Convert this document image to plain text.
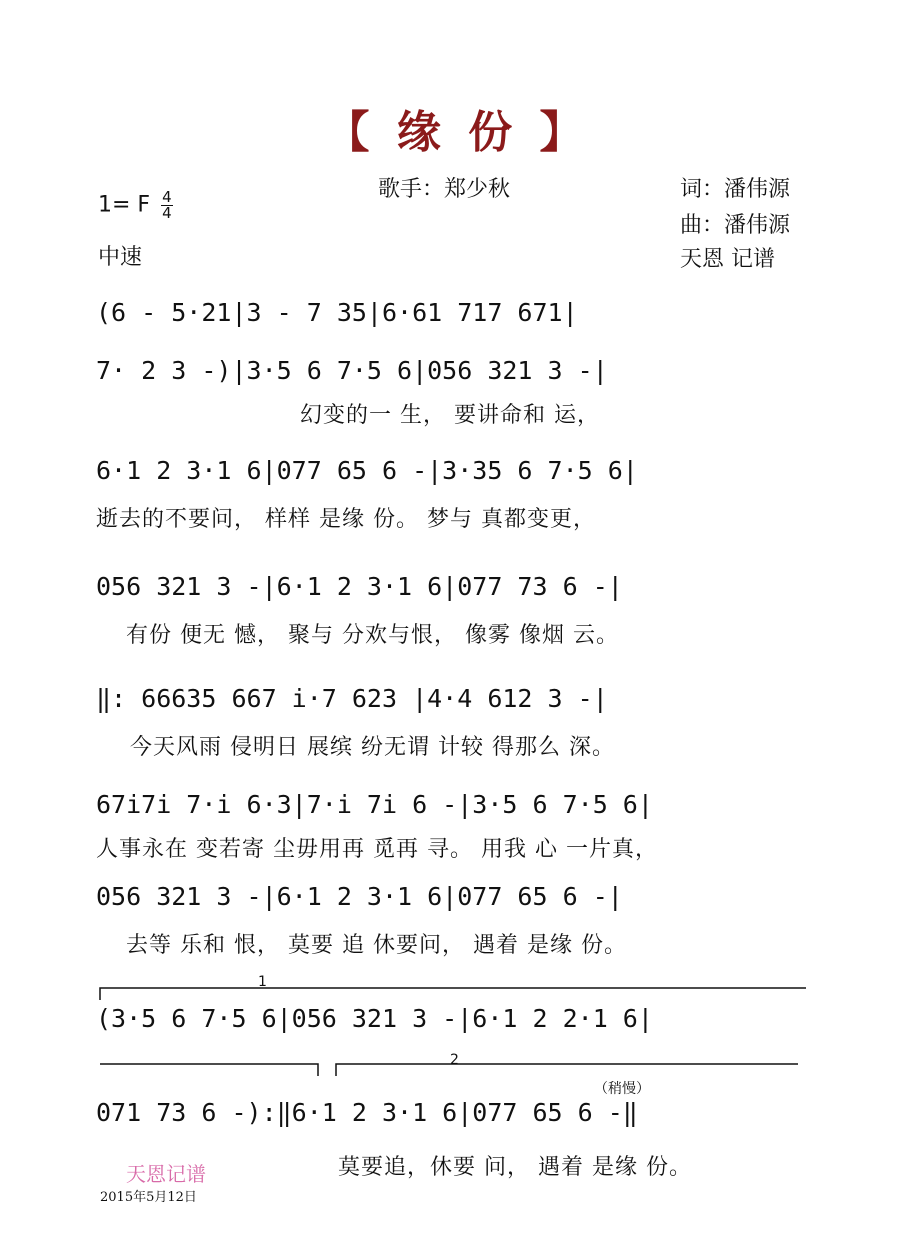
【 缘 份 】
歌手：郑少秋	词：潘伟源
曲：潘伟源
天恩 记谱
1= F $\frac{4}{4}$
中速
(6 - 5·21|3 - 7 35|6·61 717 671|
7· 2 3 -)|3·5 6 7·5 6|056 321 3 -|
幻变的一 生， 要讲命和 运，
6·1 2 3·1 6|077 65 6 -|3·35 6 7·5 6|
逝去的不要问， 样样 是缘 份。 梦与 真都变更，
056 321 3 -|6·1 2 3·1 6|077 73 6 -|
有份 便无 憾， 聚与 分欢与恨， 像雾 像烟 云。
‖: 66635 667 i·7 623 |4·4 612 3 -|
今天风雨 侵明日 展缤 纷无谓 计较 得那么 深。
67i7i 7·i 6·3|7·i 7i 6 -|3·5 6 7·5 6|
人事永在 变若寄 尘毋用再 觅再 寻。 用我 心 一片真，
056 321 3 -|6·1 2 3·1 6|077 65 6 -|
去等 乐和 恨， 莫要 追 休要问， 遇着 是缘 份。
(3·5 6 7·5 6|056 321 3 -|6·1 2 2·1 6|
（稍慢）
071 73 6 -):‖6·1 2 3·1 6|077 65 6 -‖
莫要追，休要 问， 遇着 是缘 份。
1
2
天恩记谱
2015年5月12日
